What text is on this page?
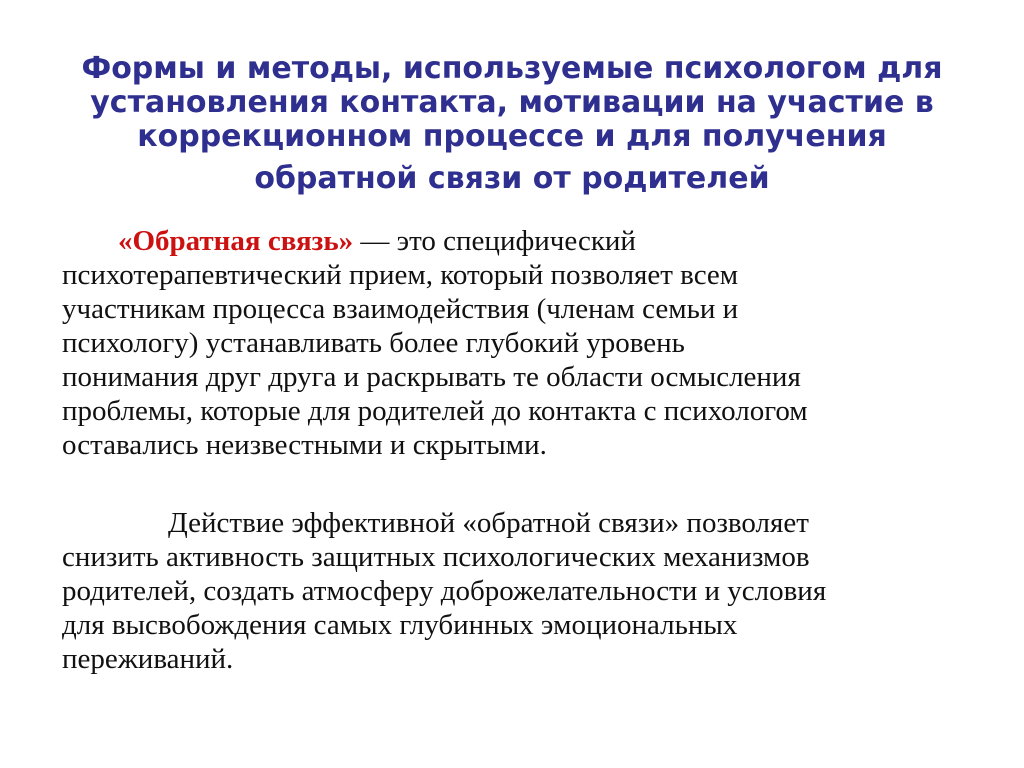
Формы и методы, используемые психологом для
установления контакта, мотивации на участие в
коррекционном процессе и для получения
обратной связи от родителей
«Обратная связь» — это специфический
психотерапевтический прием, который позволяет всем
участникам процесса взаимодействия (членам семьи и
психологу) устанавливать более глубокий уровень
понимания друг друга и раскрывать те области осмысления
проблемы, которые для родителей до контакта с психологом
оставались неизвестными и скрытыми.
Действие эффективной «обратной связи» позволяет
снизить активность защитных психологических механизмов
родителей, создать атмосферу доброжелательности и условия
для высвобождения самых глубинных эмоциональных
переживаний.
